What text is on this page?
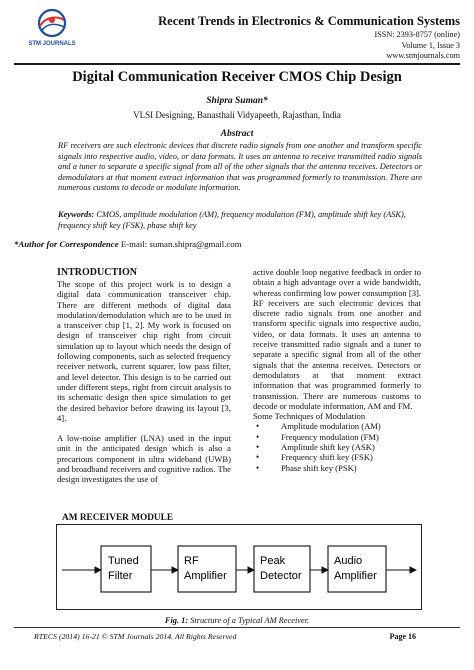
STM JOURNALS
Recent Trends in Electronics & Communication Systems
ISSN: 2393-8757 (online)
Volume 1, Issue 3
www.stmjournals.com
Digital Communication Receiver CMOS Chip Design
Shipra Suman*
VLSI Designing, Banasthali Vidyapeeth, Rajasthan, India
Abstract
RF receivers are such electronic devices that discrete radio signals from one another and transform specific signals into respective audio, video, or data formats. It uses an antenna to receive transmitted radio signals and a tuner to separate a specific signal from all of the other signals that the antenna receives. Detectors or demodulators at that moment extract information that was programmed formerly to transmission. There are numerous customs to decode or modulate information.
Keywords: CMOS, amplitude modulation (AM), frequency modulation (FM), amplitude shift key (ASK), frequency shift key (FSK), phase shift key
*Author for Correspondence E-mail: suman.shipra@gmail.com
INTRODUCTION

The scope of this project work is to design a digital data communication transceiver chip. There are different methods of digital data modulation/demodulation which are to be used in a transceiver chip [1, 2]. My work is focused on design of transceiver chip right from circuit simulation up to layout which needs the design of following components, such as selected frequency receiver network, current squarer, low pass filter, and level detector. This design is to be carried out under different steps, right from circuit analysis to its schematic design then spice simulation to get the desired behavior before drawing its layout [3, 4].

A low-noise amplifier (LNA) used in the input unit in the anticipated design which is also a precarious component in ultra wideband (UWB) and broadband receivers and cognitive radios. The design investigates the use of

active double loop negative feedback in order to obtain a high advantage over a wide bandwidth, whereas confirming low power consumption [3]. RF receivers are such electronic devices that discrete radio signals from one another and transform specific signals into respective audio, video, or data formats. It uses an antenna to receive transmitted radio signals and a tuner to separate a specific signal from all of the other signals that the antenna receives. Detectors or demodulators at that moment extract information that was programmed formerly to transmission. There are numerous customs to decode or modulate information, AM and FM.

Some Techniques of Modulation

• Amplitude modulation (AM)
• Frequency modulation (FM)
• Amplitude shift key (ASK)
• Frequency shift key (FSK)
• Phase shift key (PSK)
AM RECEIVER MODULE
Tuned
Filter
RF
Amplifier
Peak
Detector
Audio
Amplifier
Fig. 1: Structure of a Typical AM Receiver.
RTECS (2014) 16-21 © STM Journals 2014. All Rights Reserved	Page 16
